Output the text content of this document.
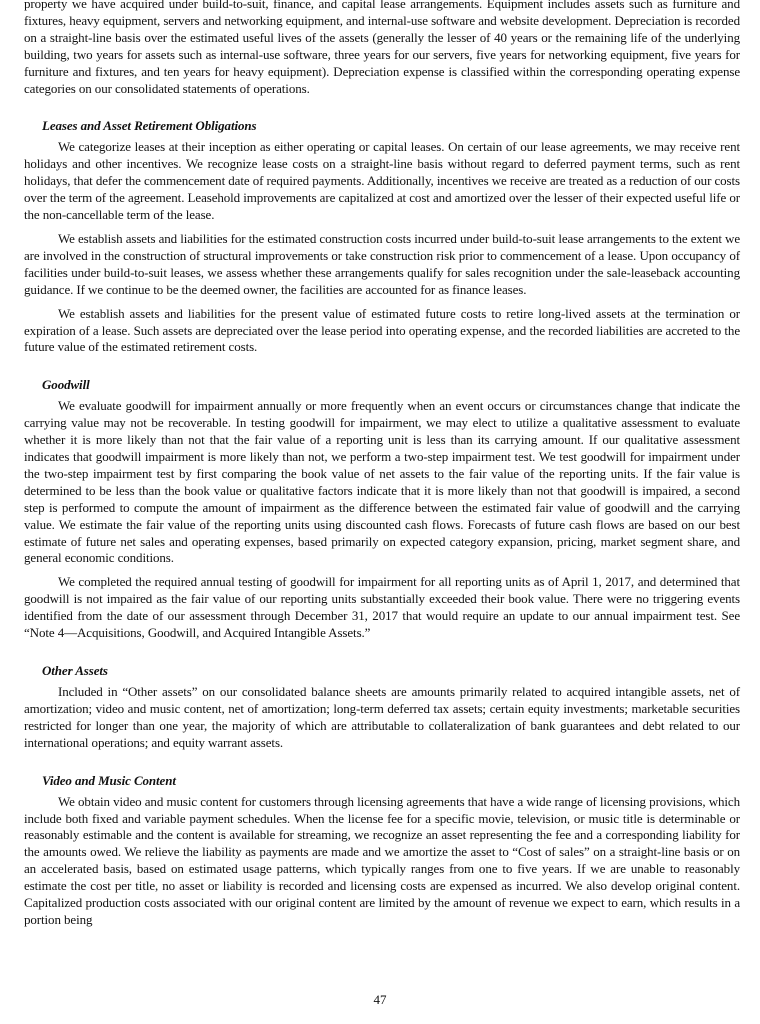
property we have acquired under build-to-suit, finance, and capital lease arrangements. Equipment includes assets such as furniture and fixtures, heavy equipment, servers and networking equipment, and internal-use software and website development. Depreciation is recorded on a straight-line basis over the estimated useful lives of the assets (generally the lesser of 40 years or the remaining life of the underlying building, two years for assets such as internal-use software, three years for our servers, five years for networking equipment, five years for furniture and fixtures, and ten years for heavy equipment). Depreciation expense is classified within the corresponding operating expense categories on our consolidated statements of operations.

Leases and Asset Retirement Obligations

We categorize leases at their inception as either operating or capital leases. On certain of our lease agreements, we may receive rent holidays and other incentives. We recognize lease costs on a straight-line basis without regard to deferred payment terms, such as rent holidays, that defer the commencement date of required payments. Additionally, incentives we receive are treated as a reduction of our costs over the term of the agreement. Leasehold improvements are capitalized at cost and amortized over the lesser of their expected useful life or the non-cancellable term of the lease.

We establish assets and liabilities for the estimated construction costs incurred under build-to-suit lease arrangements to the extent we are involved in the construction of structural improvements or take construction risk prior to commencement of a lease. Upon occupancy of facilities under build-to-suit leases, we assess whether these arrangements qualify for sales recognition under the sale-leaseback accounting guidance. If we continue to be the deemed owner, the facilities are accounted for as finance leases.

We establish assets and liabilities for the present value of estimated future costs to retire long-lived assets at the termination or expiration of a lease. Such assets are depreciated over the lease period into operating expense, and the recorded liabilities are accreted to the future value of the estimated retirement costs.

Goodwill

We evaluate goodwill for impairment annually or more frequently when an event occurs or circumstances change that indicate the carrying value may not be recoverable. In testing goodwill for impairment, we may elect to utilize a qualitative assessment to evaluate whether it is more likely than not that the fair value of a reporting unit is less than its carrying amount. If our qualitative assessment indicates that goodwill impairment is more likely than not, we perform a two-step impairment test. We test goodwill for impairment under the two-step impairment test by first comparing the book value of net assets to the fair value of the reporting units. If the fair value is determined to be less than the book value or qualitative factors indicate that it is more likely than not that goodwill is impaired, a second step is performed to compute the amount of impairment as the difference between the estimated fair value of goodwill and the carrying value. We estimate the fair value of the reporting units using discounted cash flows. Forecasts of future cash flows are based on our best estimate of future net sales and operating expenses, based primarily on expected category expansion, pricing, market segment share, and general economic conditions.

We completed the required annual testing of goodwill for impairment for all reporting units as of April 1, 2017, and determined that goodwill is not impaired as the fair value of our reporting units substantially exceeded their book value. There were no triggering events identified from the date of our assessment through December 31, 2017 that would require an update to our annual impairment test. See “Note 4—Acquisitions, Goodwill, and Acquired Intangible Assets.”

Other Assets

Included in “Other assets” on our consolidated balance sheets are amounts primarily related to acquired intangible assets, net of amortization; video and music content, net of amortization; long-term deferred tax assets; certain equity investments; marketable securities restricted for longer than one year, the majority of which are attributable to collateralization of bank guarantees and debt related to our international operations; and equity warrant assets.

Video and Music Content

We obtain video and music content for customers through licensing agreements that have a wide range of licensing provisions, which include both fixed and variable payment schedules. When the license fee for a specific movie, television, or music title is determinable or reasonably estimable and the content is available for streaming, we recognize an asset representing the fee and a corresponding liability for the amounts owed. We relieve the liability as payments are made and we amortize the asset to “Cost of sales” on a straight-line basis or on an accelerated basis, based on estimated usage patterns, which typically ranges from one to five years. If we are unable to reasonably estimate the cost per title, no asset or liability is recorded and licensing costs are expensed as incurred. We also develop original content. Capitalized production costs associated with our original content are limited by the amount of revenue we expect to earn, which results in a portion being

47
